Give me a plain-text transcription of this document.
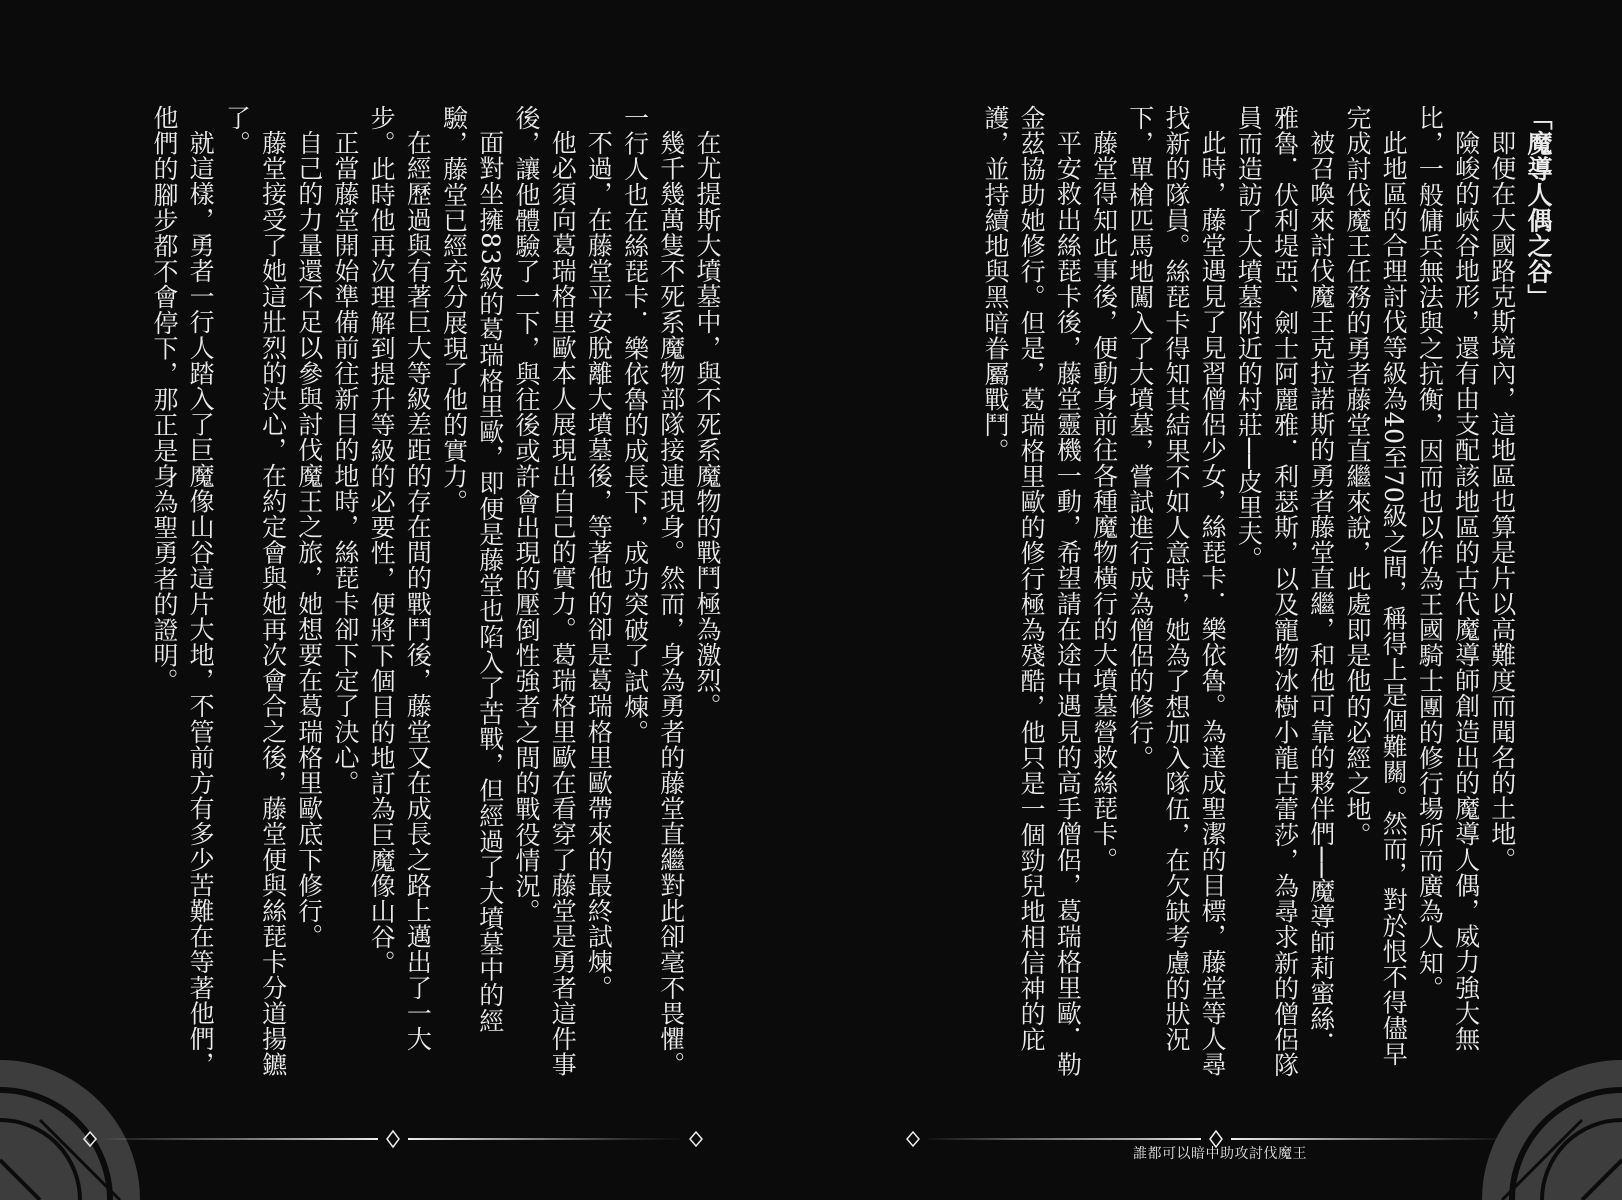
在尤提斯大墳墓中，與不死系魔物的戰鬥極為激烈。

幾千幾萬隻不死系魔物部隊接連現身。然而，身為勇者的藤堂直繼對此卻毫不畏懼。一行人也在絲琵卡．樂依魯的成長下，成功突破了試煉。

不過，在藤堂平安脫離大墳墓後，等著他的卻是葛瑞格里歐帶來的最終試煉。

他必須向葛瑞格里歐本人展現出自己的實力。葛瑞格里歐在看穿了藤堂是勇者這件事後，讓他體驗了一下，與往後或許會出現的壓倒性強者之間的戰役情況。

面對坐擁83級的葛瑞格里歐，即便是藤堂也陷入了苦戰，但經過了大墳墓中的經驗，藤堂已經充分展現了他的實力。

在經歷過與有著巨大等級差距的存在間的戰鬥後，藤堂又在成長之路上邁出了一大步。此時他再次理解到提升等級的必要性，便將下個目的地訂為巨魔像山谷。

正當藤堂開始準備前往新目的地時，絲琵卡卻下定了決心。

自己的力量還不足以參與討伐魔王之旅，她想要在葛瑞格里歐底下修行。

藤堂接受了她這壯烈的決心，在約定會與她再次會合之後，藤堂便與絲琵卡分道揚鑣了。

就這樣，勇者一行人踏入了巨魔像山谷這片大地，不管前方有多少苦難在等著他們，他們的腳步都不會停下，那正是身為聖勇者的證明。	「魔導人偶之谷」

即便在大國路克斯境內，這地區也算是片以高難度而聞名的土地。

險峻的峽谷地形，還有由支配該地區的古代魔導師創造出的魔導人偶，威力強大無比，一般傭兵無法與之抗衡，因而也以作為王國騎士團的修行場所而廣為人知。

此地區的合理討伐等級為40至70級之間，稱得上是個難關。然而，對於恨不得儘早完成討伐魔王任務的勇者藤堂直繼來說，此處即是他的必經之地。

被召喚來討伐魔王克拉諾斯的勇者藤堂直繼，和他可靠的夥伴們──魔導師莉蜜絲．雅魯．伏利堤亞、劍士阿麗雅．利瑟斯，以及寵物冰樹小龍古蕾莎，為尋求新的僧侶隊員而造訪了大墳墓附近的村莊──皮里夫。

此時，藤堂遇見了見習僧侶少女，絲琵卡．樂依魯。為達成聖潔的目標，藤堂等人尋找新的隊員。絲琵卡得知其結果不如人意時，她為了想加入隊伍，在欠缺考慮的狀況下，單槍匹馬地闖入了大墳墓，嘗試進行成為僧侶的修行。

藤堂得知此事後，便動身前往各種魔物橫行的大墳墓營救絲琵卡。

平安救出絲琵卡後，藤堂靈機一動，希望請在途中遇見的高手僧侶，葛瑞格里歐．勒金茲協助她修行。但是，葛瑞格里歐的修行極為殘酷，他只是一個勁兒地相信神的庇護，並持續地與黑暗眷屬戰鬥。

誰都可以暗中助攻討伐魔王
